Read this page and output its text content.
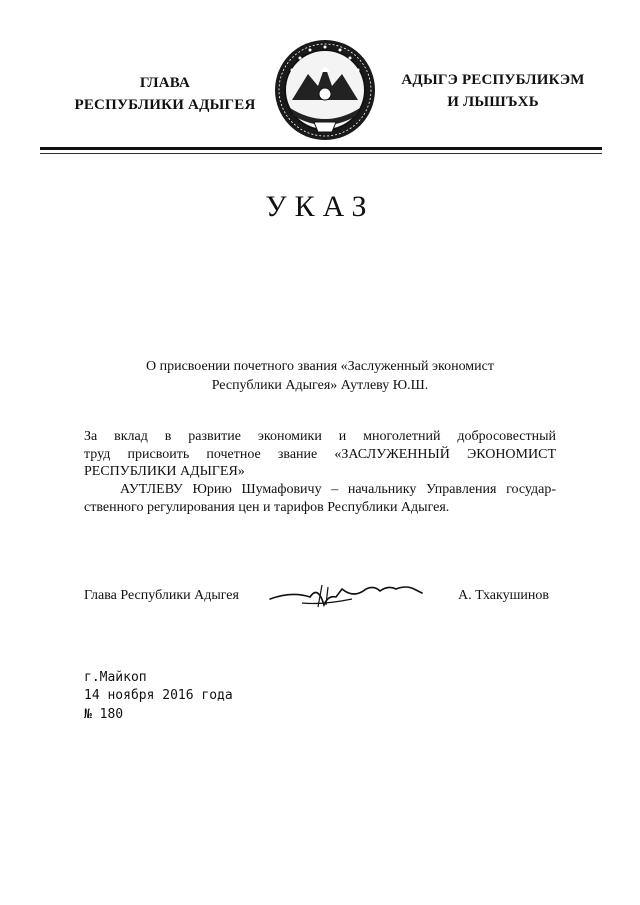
ГЛАВА
РЕСПУБЛИКИ АДЫГЕЯ
АДЫГЭ РЕСПУБЛИКЭМ
И ЛЫШЪХЬ
УКАЗ
О присвоении почетного звания «Заслуженный экономист
Республики Адыгея» Аутлеву Ю.Ш.
За вклад в развитие экономики и многолетний добросовестный
труд присвоить почетное звание «ЗАСЛУЖЕННЫЙ ЭКОНОМИСТ
РЕСПУБЛИКИ АДЫГЕЯ»
АУТЛЕВУ Юрию Шумафовичу – начальнику Управления государ-
ственного регулирования цен и тарифов Республики Адыгея.
Глава Республики Адыгея	А. Тхакушинов
г.Майкоп
14 ноября 2016 года
№ 180
